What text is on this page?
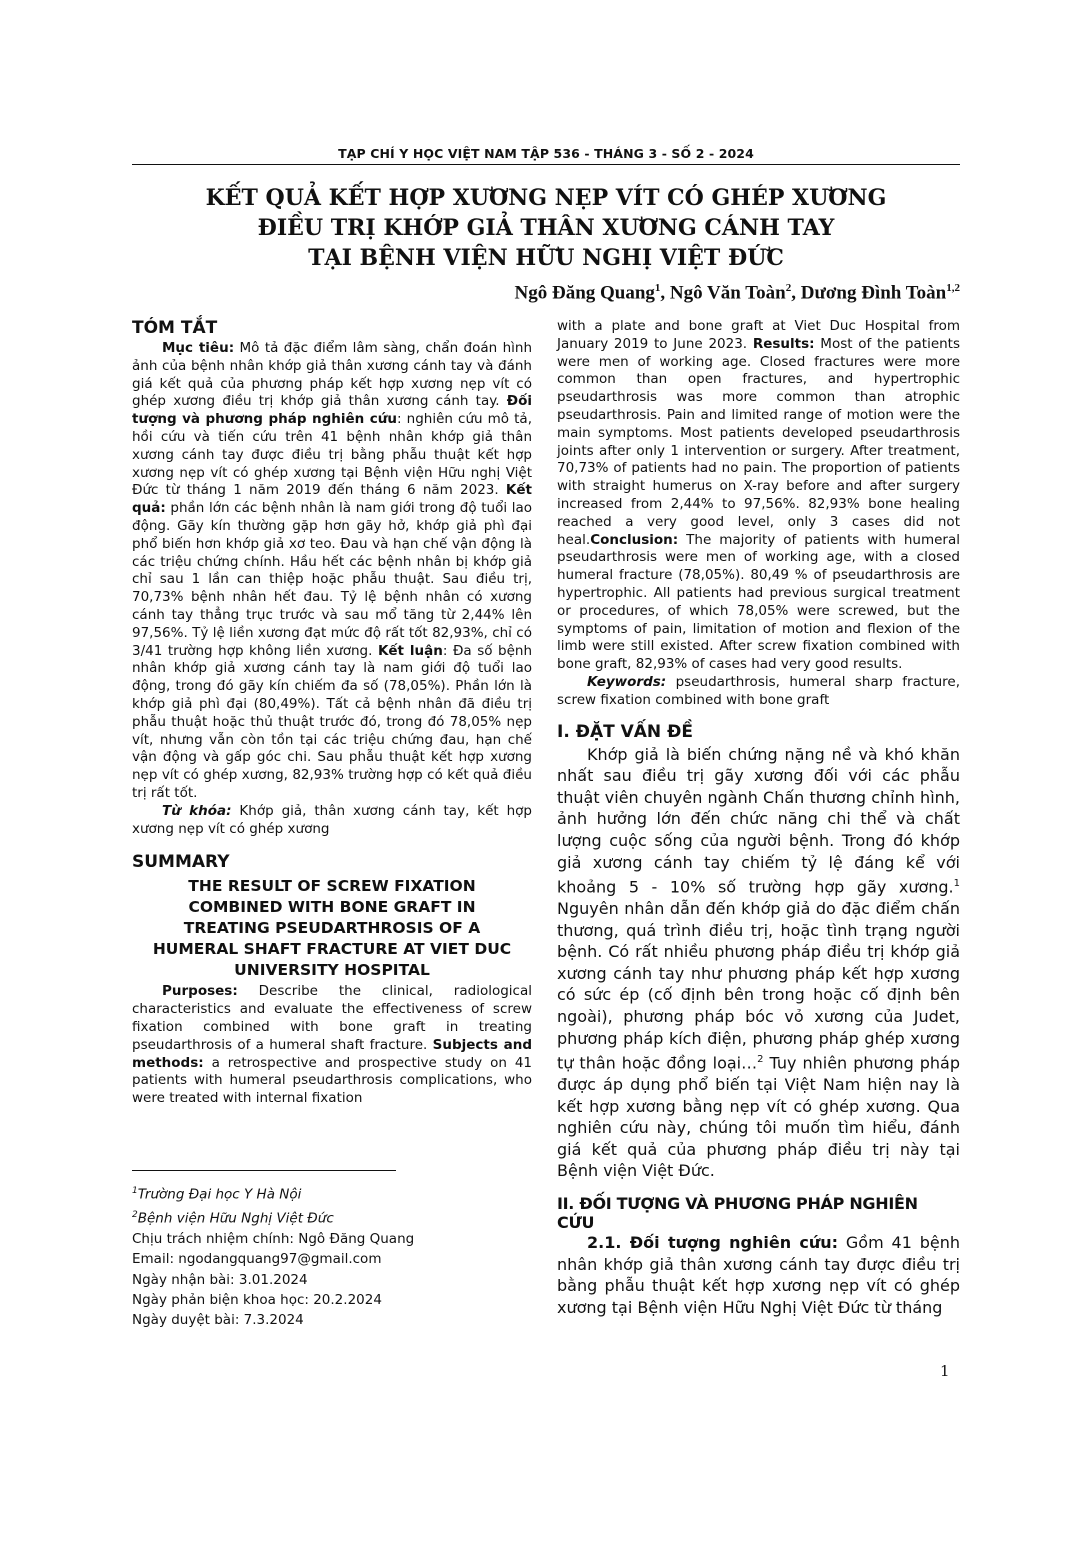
TẠP CHÍ Y HỌC VIỆT NAM TẬP 536 - THÁNG 3 - SỐ 2 - 2024
KẾT QUẢ KẾT HỢP XƯƠNG NẸP VÍT CÓ GHÉP XƯƠNG
ĐIỀU TRỊ KHỚP GIẢ THÂN XƯƠNG CÁNH TAY
TẠI BỆNH VIỆN HỮU NGHỊ VIỆT ĐỨC
Ngô Đăng Quang$^1$, Ngô Văn Toàn$^2$, Dương Đình Toàn$^{1,2}$
TÓM TẮT

Mục tiêu: Mô tả đặc điểm lâm sàng, chẩn đoán hình ảnh của bệnh nhân khớp giả thân xương cánh tay và đánh giá kết quả của phương pháp kết hợp xương nẹp vít có ghép xương điều trị khớp giả thân xương cánh tay. Đối tượng và phương pháp nghiên cứu: nghiên cứu mô tả, hồi cứu và tiến cứu trên 41 bệnh nhân khớp giả thân xương cánh tay được điều trị bằng phẫu thuật kết hợp xương nẹp vít có ghép xương tại Bệnh viện Hữu nghị Việt Đức từ tháng 1 năm 2019 đến tháng 6 năm 2023. Kết quả: phần lớn các bệnh nhân là nam giới trong độ tuổi lao động. Gãy kín thường gặp hơn gãy hở, khớp giả phì đại phổ biến hơn khớp giả xơ teo. Đau và hạn chế vận động là các triệu chứng chính. Hầu hết các bệnh nhân bị khớp giả chỉ sau 1 lần can thiệp hoặc phẫu thuật. Sau điều trị, 70,73% bệnh nhân hết đau. Tỷ lệ bệnh nhân có xương cánh tay thẳng trục trước và sau mổ tăng từ 2,44% lên 97,56%. Tỷ lệ liền xương đạt mức độ rất tốt 82,93%, chỉ có 3/41 trường hợp không liền xương. Kết luận: Đa số bệnh nhân khớp giả xương cánh tay là nam giới độ tuổi lao động, trong đó gãy kín chiếm đa số (78,05%). Phần lớn là khớp giả phì đại (80,49%). Tất cả bệnh nhân đã điều trị phẫu thuật hoặc thủ thuật trước đó, trong đó 78,05% nẹp vít, nhưng vẫn còn tồn tại các triệu chứng đau, hạn chế vận động và gấp góc chi. Sau phẫu thuật kết hợp xương nẹp vít có ghép xương, 82,93% trường hợp có kết quả điều trị rất tốt.

Từ khóa: Khớp giả, thân xương cánh tay, kết hợp xương nẹp vít có ghép xương

SUMMARY
THE RESULT OF SCREW FIXATION
COMBINED WITH BONE GRAFT IN
TREATING PSEUDARTHROSIS OF A
HUMERAL SHAFT FRACTURE AT VIET DUC
UNIVERSITY HOSPITAL

Purposes: Describe the clinical, radiological characteristics and evaluate the effectiveness of screw fixation combined with bone graft in treating pseudarthrosis of a humeral shaft fracture. Subjects and methods: a retrospective and prospective study on 41 patients with humeral pseudarthrosis complications, who were treated with internal fixation

$^1$Trường Đại học Y Hà Nội
$^2$Bệnh viện Hữu Nghị Việt Đức
Chịu trách nhiệm chính: Ngô Đăng Quang
Email: ngodangquang97@gmail.com
Ngày nhận bài: 3.01.2024
Ngày phản biện khoa học: 20.2.2024
Ngày duyệt bài: 7.3.2024

with a plate and bone graft at Viet Duc Hospital from January 2019 to June 2023. Results: Most of the patients were men of working age. Closed fractures were more common than open fractures, and hypertrophic pseudarthrosis was more common than atrophic pseudarthrosis. Pain and limited range of motion were the main symptoms. Most patients developed pseudarthrosis joints after only 1 intervention or surgery. After treatment, 70,73% of patients had no pain. The proportion of patients with straight humerus on X-ray before and after surgery increased from 2,44% to 97,56%. 82,93% bone healing reached a very good level, only 3 cases did not heal.Conclusion: The majority of patients with humeral pseudarthrosis were men of working age, with a closed humeral fracture (78,05%). 80,49 % of pseudarthrosis are hypertrophic. All patients had previous surgical treatment or procedures, of which 78,05% were screwed, but the symptoms of pain, limitation of motion and flexion of the limb were still existed. After screw fixation combined with bone graft, 82,93% of cases had very good results.

Keywords: pseudarthrosis, humeral sharp fracture, screw fixation combined with bone graft

I. ĐẶT VẤN ĐỀ

Khớp giả là biến chứng nặng nề và khó khăn nhất sau điều trị gãy xương đối với các phẫu thuật viên chuyên ngành Chấn thương chỉnh hình, ảnh hưởng lớn đến chức năng chi thể và chất lượng cuộc sống của người bệnh. Trong đó khớp giả xương cánh tay chiếm tỷ lệ đáng kể với khoảng 5 - 10% số trường hợp gãy xương.$^1$ Nguyên nhân dẫn đến khớp giả do đặc điểm chấn thương, quá trình điều trị, hoặc tình trạng người bệnh. Có rất nhiều phương pháp điều trị khớp giả xương cánh tay như phương pháp kết hợp xương có sức ép (cố định bên trong hoặc cố định bên ngoài), phương pháp bóc vỏ xương của Judet, phương pháp kích điện, phương pháp ghép xương tự thân hoặc đồng loại…$^2$ Tuy nhiên phương pháp được áp dụng phổ biến tại Việt Nam hiện nay là kết hợp xương bằng nẹp vít có ghép xương. Qua nghiên cứu này, chúng tôi muốn tìm hiểu, đánh giá kết quả của phương pháp điều trị này tại Bệnh viện Việt Đức.

II. ĐỐI TƯỢNG VÀ PHƯƠNG PHÁP NGHIÊN CỨU

2.1. Đối tượng nghiên cứu: Gồm 41 bệnh nhân khớp giả thân xương cánh tay được điều trị bằng phẫu thuật kết hợp xương nẹp vít có ghép xương tại Bệnh viện Hữu Nghị Việt Đức từ tháng

1
